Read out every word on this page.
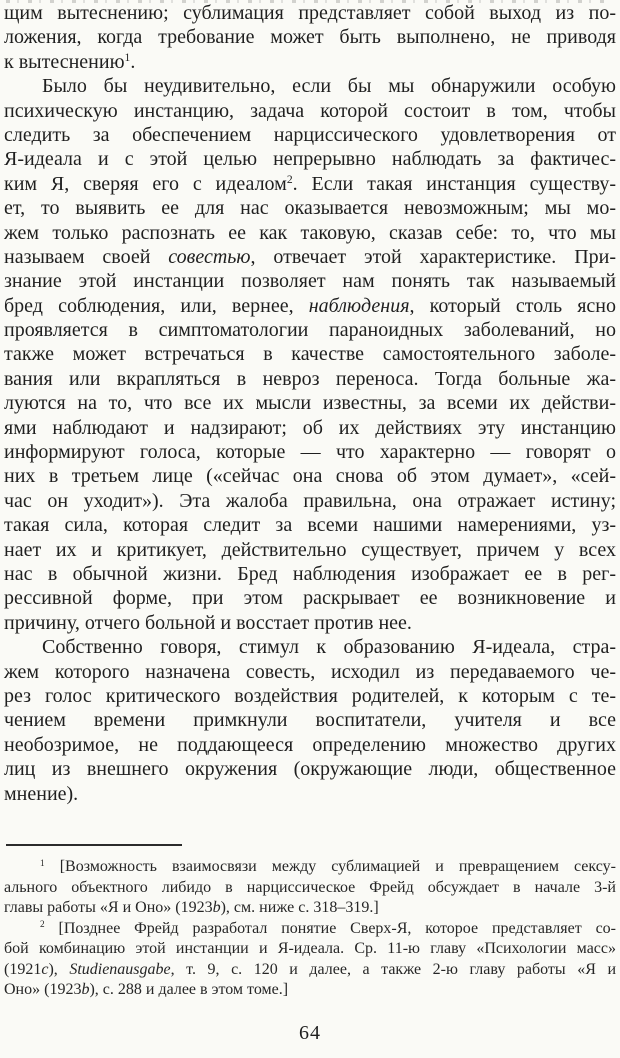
щим вытеснению; сублимация представляет собой выход из по-
ложения, когда требование может быть выполнено, не приводя
к вытеснению$^1$.
Было бы неудивительно, если бы мы обнаружили особую
психическую инстанцию, задача которой состоит в том, чтобы
следить за обеспечением нарциссического удовлетворения от
Я-идеала и с этой целью непрерывно наблюдать за фактичес-
ким Я, сверяя его с идеалом$^2$. Если такая инстанция существу-
ет, то выявить ее для нас оказывается невозможным; мы мо-
жем только распознать ее как таковую, сказав себе: то, что мы
называем своей совестью, отвечает этой характеристике. При-
знание этой инстанции позволяет нам понять так называемый
бред соблюдения, или, вернее, наблюдения, который столь ясно
проявляется в симптоматологии параноидных заболеваний, но
также может встречаться в качестве самостоятельного заболе-
вания или вкрапляться в невроз переноса. Тогда больные жа-
луются на то, что все их мысли известны, за всеми их действи-
ями наблюдают и надзирают; об их действиях эту инстанцию
информируют голоса, которые — что характерно — говорят о
них в третьем лице («сейчас она снова об этом думает», «сей-
час он уходит»). Эта жалоба правильна, она отражает истину;
такая сила, которая следит за всеми нашими намерениями, уз-
нает их и критикует, действительно существует, причем у всех
нас в обычной жизни. Бред наблюдения изображает ее в рег-
рессивной форме, при этом раскрывает ее возникновение и
причину, отчего больной и восстает против нее.
Собственно говоря, стимул к образованию Я-идеала, стра-
жем которого назначена совесть, исходил из передаваемого че-
рез голос критического воздействия родителей, к которым с те-
чением времени примкнули воспитатели, учителя и все
необозримое, не поддающееся определению множество других
лиц из внешнего окружения (окружающие люди, общественное
мнение).
$^1$ [Возможность взаимосвязи между сублимацией и превращением сексу-
ального объектного либидо в нарциссическое Фрейд обсуждает в начале 3-й
главы работы «Я и Оно» (1923b), см. ниже с. 318–319.]
$^2$ [Позднее Фрейд разработал понятие Сверх-Я, которое представляет со-
бой комбинацию этой инстанции и Я-идеала. Ср. 11-ю главу «Психологии масс»
(1921c), Studienausgabe, т. 9, с. 120 и далее, а также 2-ю главу работы «Я и
Оно» (1923b), с. 288 и далее в этом томе.]
64
